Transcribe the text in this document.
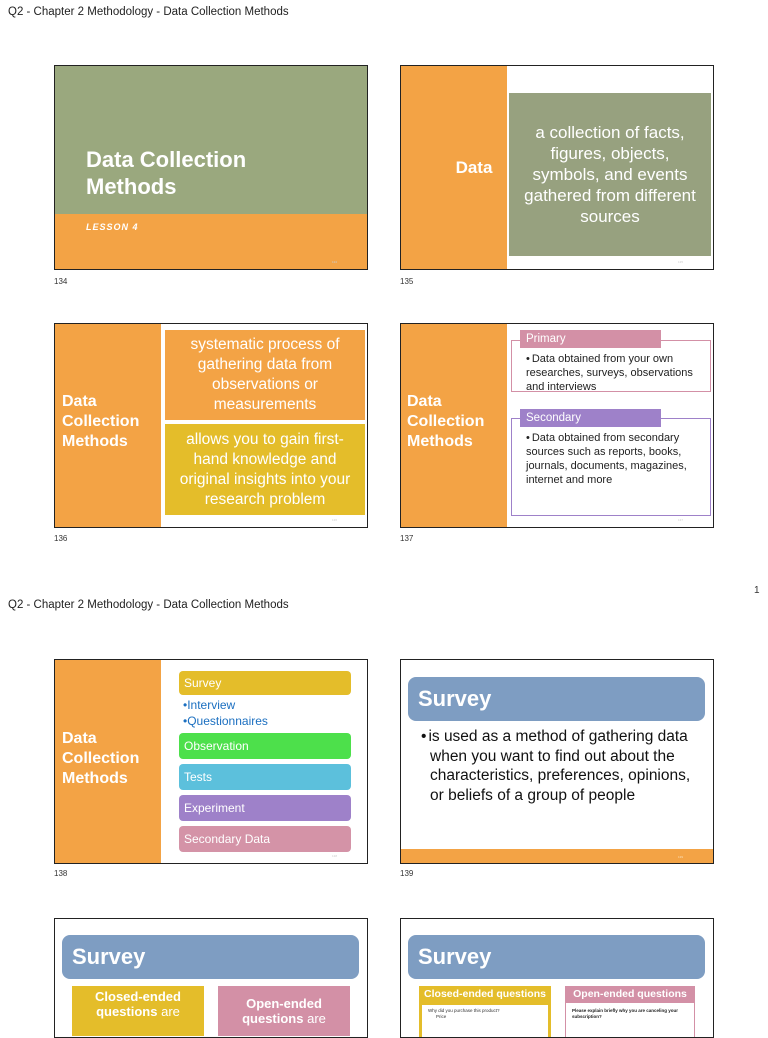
Q2 - Chapter 2 Methodology - Data Collection Methods
Data Collection Methods
LESSON 4
134
134
Data
a collection of facts, figures, objects, symbols, and events gathered from different sources
135
135
Data Collection Methods
systematic process of gathering data from observations or measurements
allows you to gain first-hand knowledge and original insights into your research problem
136
136
Data Collection Methods
• Data obtained from your own researches, surveys, observations and interviews
Primary
• Data obtained from secondary sources such as reports, books, journals, documents, magazines, internet and more
Secondary
137
137
1
Q2 - Chapter 2 Methodology - Data Collection Methods
Data Collection Methods
Survey
•Interview
•Questionnaires
Observation
Tests
Experiment
Secondary Data
138
138
Survey
• is used as a method of gathering data when you want to find out about the characteristics, preferences, opinions, or beliefs of a group of people
139
139
Survey
Closed-ended questions are
Open-ended questions are
Survey
Closed-ended questions
Why did you purchase this product?
Price
Open-ended questions
Please explain briefly why you are canceling your subscription?
